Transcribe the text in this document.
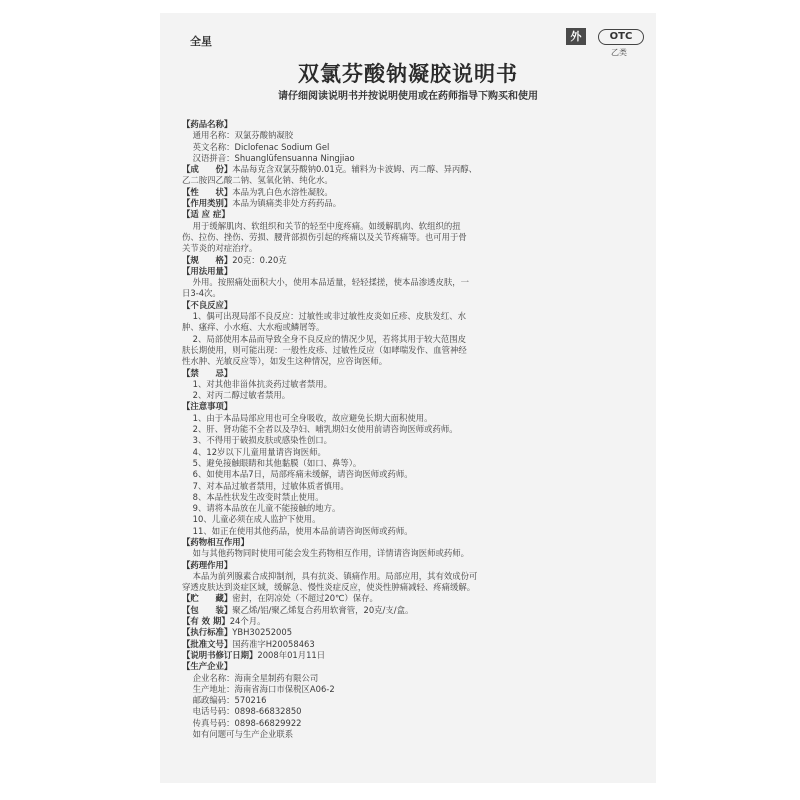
全星	外	OTC
乙类
双氯芬酸钠凝胶说明书
请仔细阅读说明书并按说明使用或在药师指导下购买和使用

【药品名称】

通用名称：双氯芬酸钠凝胶

英文名称：Diclofenac Sodium Gel

汉语拼音：Shuanglüfensuanna Ningjiao

【成　　份】本品每克含双氯芬酸钠0.01克。辅料为卡波姆、丙二醇、异丙醇、

乙二胺四乙酸二钠、氢氧化钠、纯化水。

【性　　状】本品为乳白色水溶性凝胶。

【作用类别】本品为镇痛类非处方药药品。

【适 应 症】

用于缓解肌肉、软组织和关节的轻至中度疼痛。如缓解肌肉、软组织的扭

伤、拉伤、挫伤、劳损、腰背部损伤引起的疼痛以及关节疼痛等。也可用于骨

关节炎的对症治疗。

【规　　格】20克：0.20克

【用法用量】

外用。按照痛处面积大小，使用本品适量，轻轻揉搓，使本品渗透皮肤，一

日3-4次。

【不良反应】

1、偶可出现局部不良反应：过敏性或非过敏性皮炎如丘疹、皮肤发红、水

肿、瘙痒、小水疱、大水疱或鳞屑等。

2、局部使用本品而导致全身不良反应的情况少见，若将其用于较大范围皮

肤长期使用，则可能出现：一般性皮疹、过敏性反应（如哮喘发作、血管神经

性水肿、光敏反应等），如发生这种情况，应咨询医师。

【禁　　忌】

1、对其他非甾体抗炎药过敏者禁用。

2、对丙二醇过敏者禁用。

【注意事项】

1、由于本品局部应用也可全身吸收，故应避免长期大面积使用。

2、肝、肾功能不全者以及孕妇、哺乳期妇女使用前请咨询医师或药师。

3、不得用于破损皮肤或感染性创口。

4、12岁以下儿童用量请咨询医师。

5、避免接触眼睛和其他黏膜（如口、鼻等）。

6、如使用本品7日，局部疼痛未缓解，请咨询医师或药师。

7、对本品过敏者禁用，过敏体质者慎用。

8、本品性状发生改变时禁止使用。

9、请将本品放在儿童不能接触的地方。

10、儿童必须在成人监护下使用。

11、如正在使用其他药品，使用本品前请咨询医师或药师。

【药物相互作用】

如与其他药物同时使用可能会发生药物相互作用，详情请咨询医师或药师。

【药理作用】

本品为前列腺素合成抑制剂，具有抗炎、镇痛作用。局部应用，其有效成份可

穿透皮肤达到炎症区域，缓解急、慢性炎症反应，使炎性肿痛减轻、疼痛缓解。

【贮　　藏】密封，在阴凉处（不超过20℃）保存。

【包　　装】聚乙烯/铝/聚乙烯复合药用软膏管，20克/支/盒。

【有 效 期】24个月。

【执行标准】YBH30252005

【批准文号】国药准字H20058463

【说明书修订日期】2008年01月11日

【生产企业】

企业名称：海南全星制药有限公司

生产地址：海南省海口市保税区A06-2

邮政编码：570216

电话号码：0898-66832850

传真号码：0898-66829922

如有问题可与生产企业联系
